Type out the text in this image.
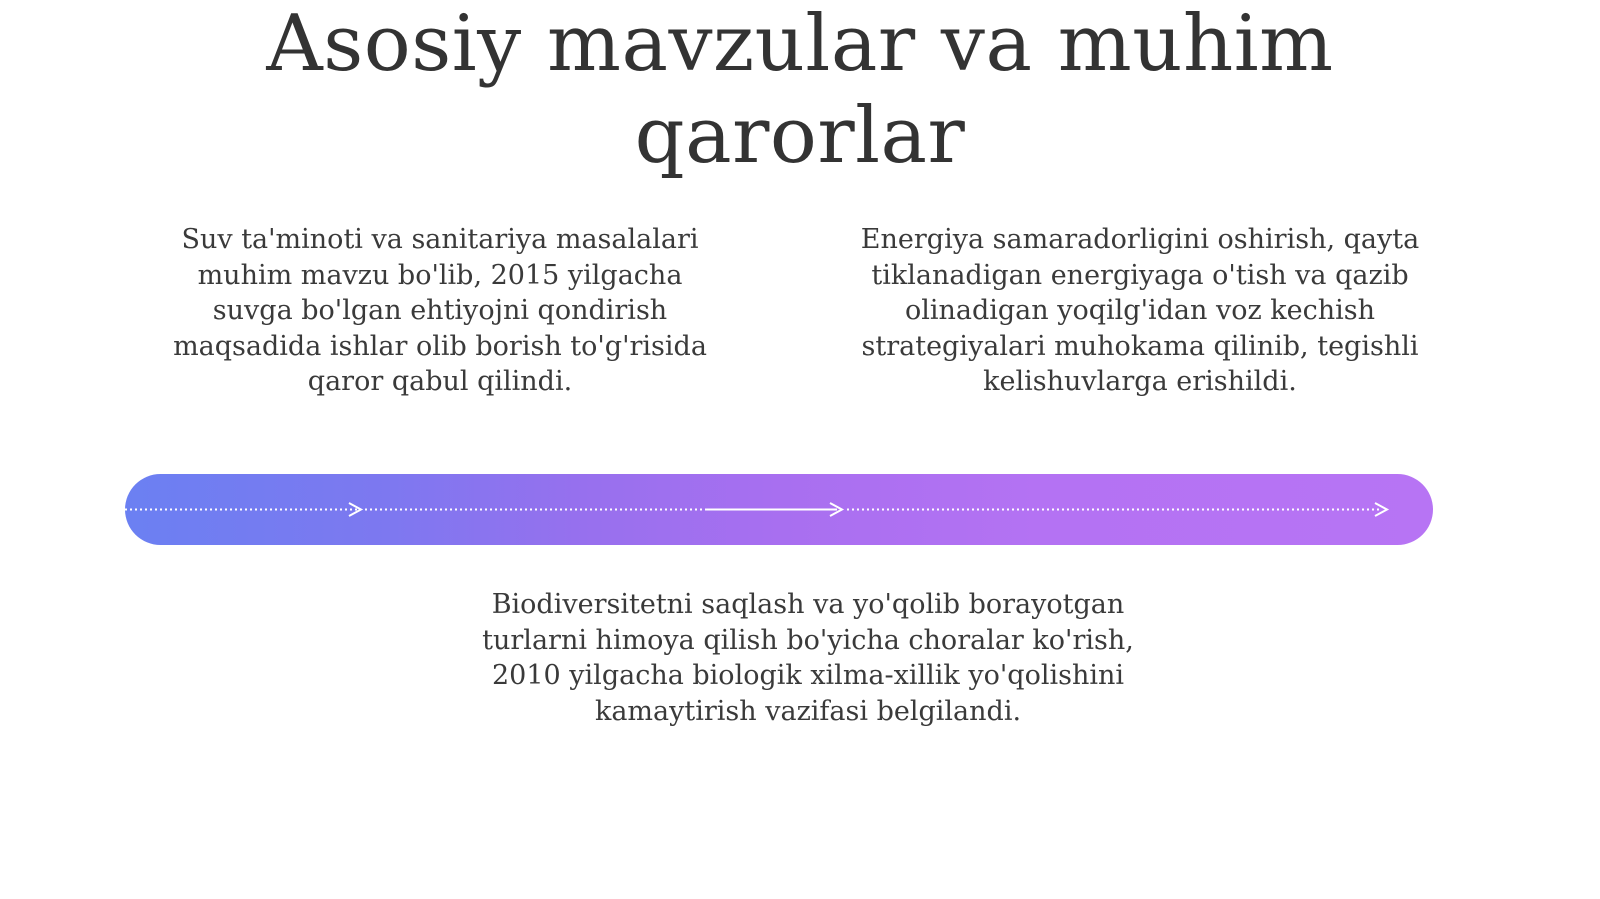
Asosiy mavzular va muhim qarorlar

Suv ta'minoti va sanitariya masalalari muhim mavzu bo'lib, 2015 yilgacha suvga bo'lgan ehtiyojni qondirish maqsadida ishlar olib borish to'g'risida qaror qabul qilindi.

Energiya samaradorligini oshirish, qayta tiklanadigan energiyaga o'tish va qazib olinadigan yoqilg'idan voz kechish strategiyalari muhokama qilinib, tegishli kelishuvlarga erishildi.

Biodiversitetni saqlash va yo'qolib borayotgan turlarni himoya qilish bo'yicha choralar ko'rish, 2010 yilgacha biologik xilma-xillik yo'qolishini kamaytirish vazifasi belgilandi.
